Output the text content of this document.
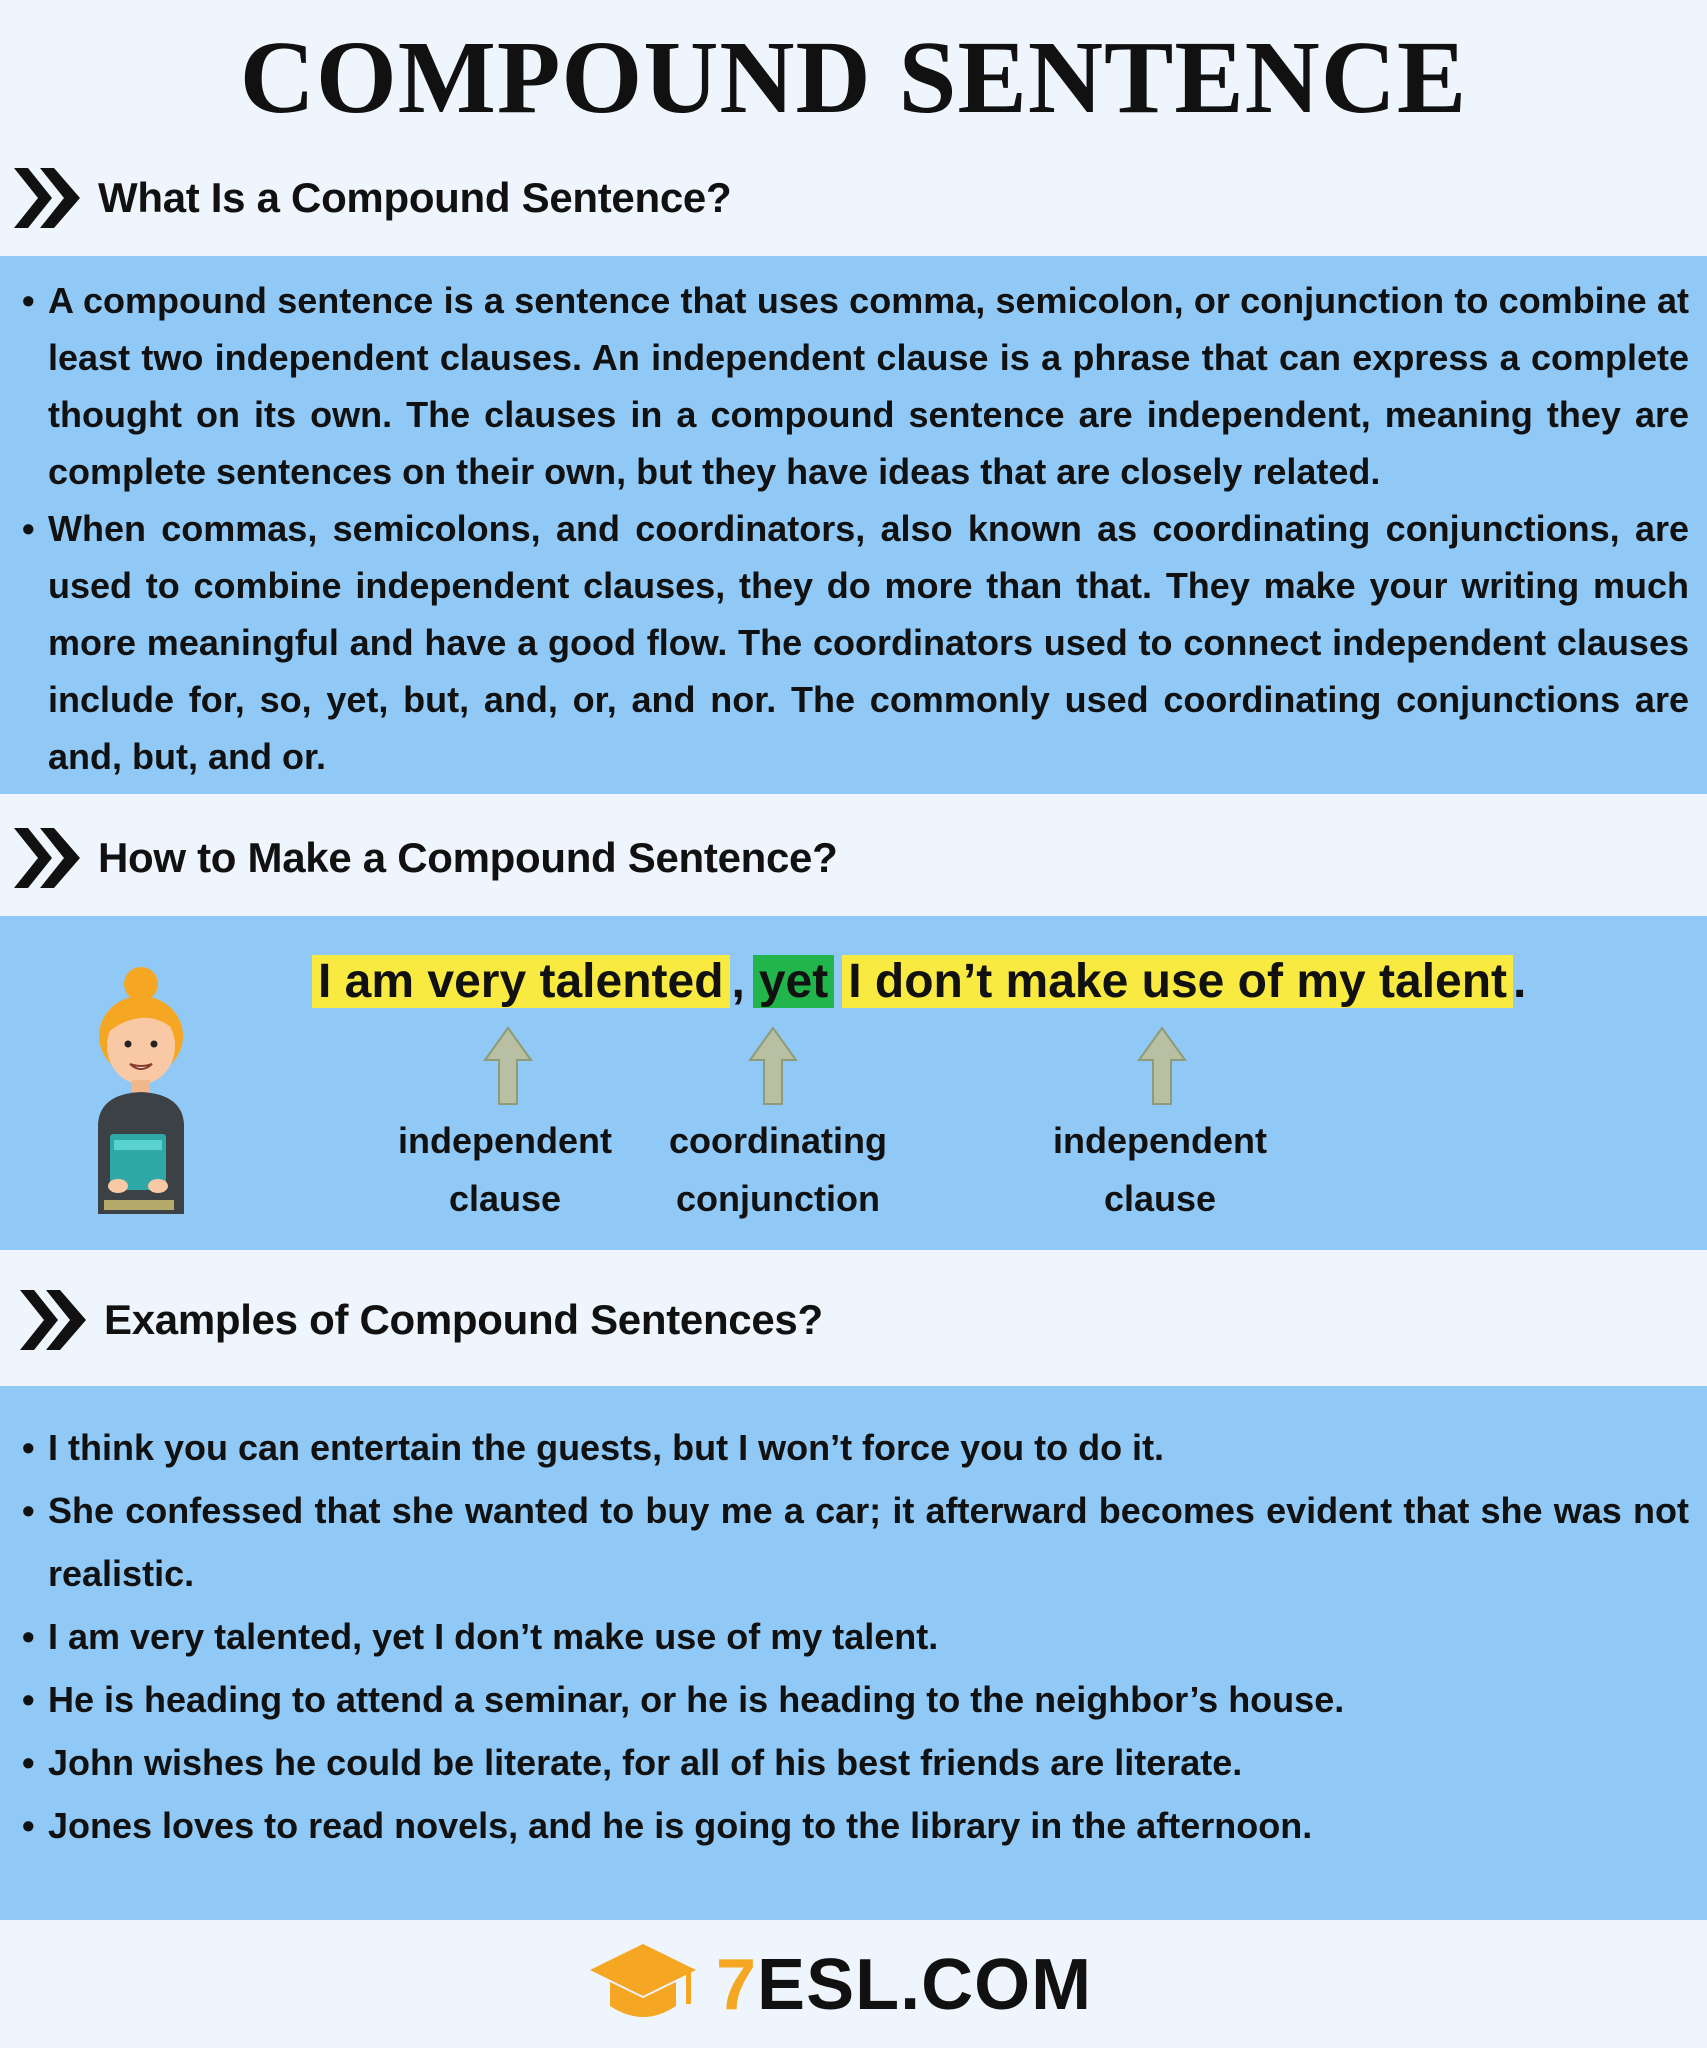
COMPOUND SENTENCE
What Is a Compound Sentence?
• A compound sentence is a sentence that uses comma, semicolon, or conjunction to combine at least two independent clauses. An independent clause is a phrase that can express a complete thought on its own. The clauses in a compound sentence are independent, meaning they are complete sentences on their own, but they have ideas that are closely related.
• When commas, semicolons, and coordinators, also known as coordinating conjunctions, are used to combine independent clauses, they do more than that. They make your writing much more meaningful and have a good flow. The coordinators used to connect independent clauses include for, so, yet, but, and, or, and nor. The commonly used coordinating conjunctions are and, but, and or.
How to Make a Compound Sentence?
I am very talented , yet I don’t make use of my talent .
independent
clause
coordinating
conjunction
independent
clause
Examples of Compound Sentences?
• I think you can entertain the guests, but I won’t force you to do it.
• She confessed that she wanted to buy me a car; it afterward becomes evident that she was not realistic.
• I am very talented, yet I don’t make use of my talent.
• He is heading to attend a seminar, or he is heading to the neighbor’s house.
• John wishes he could be literate, for all of his best friends are literate.
• Jones loves to read novels, and he is going to the library in the afternoon.
7ESL.COM
